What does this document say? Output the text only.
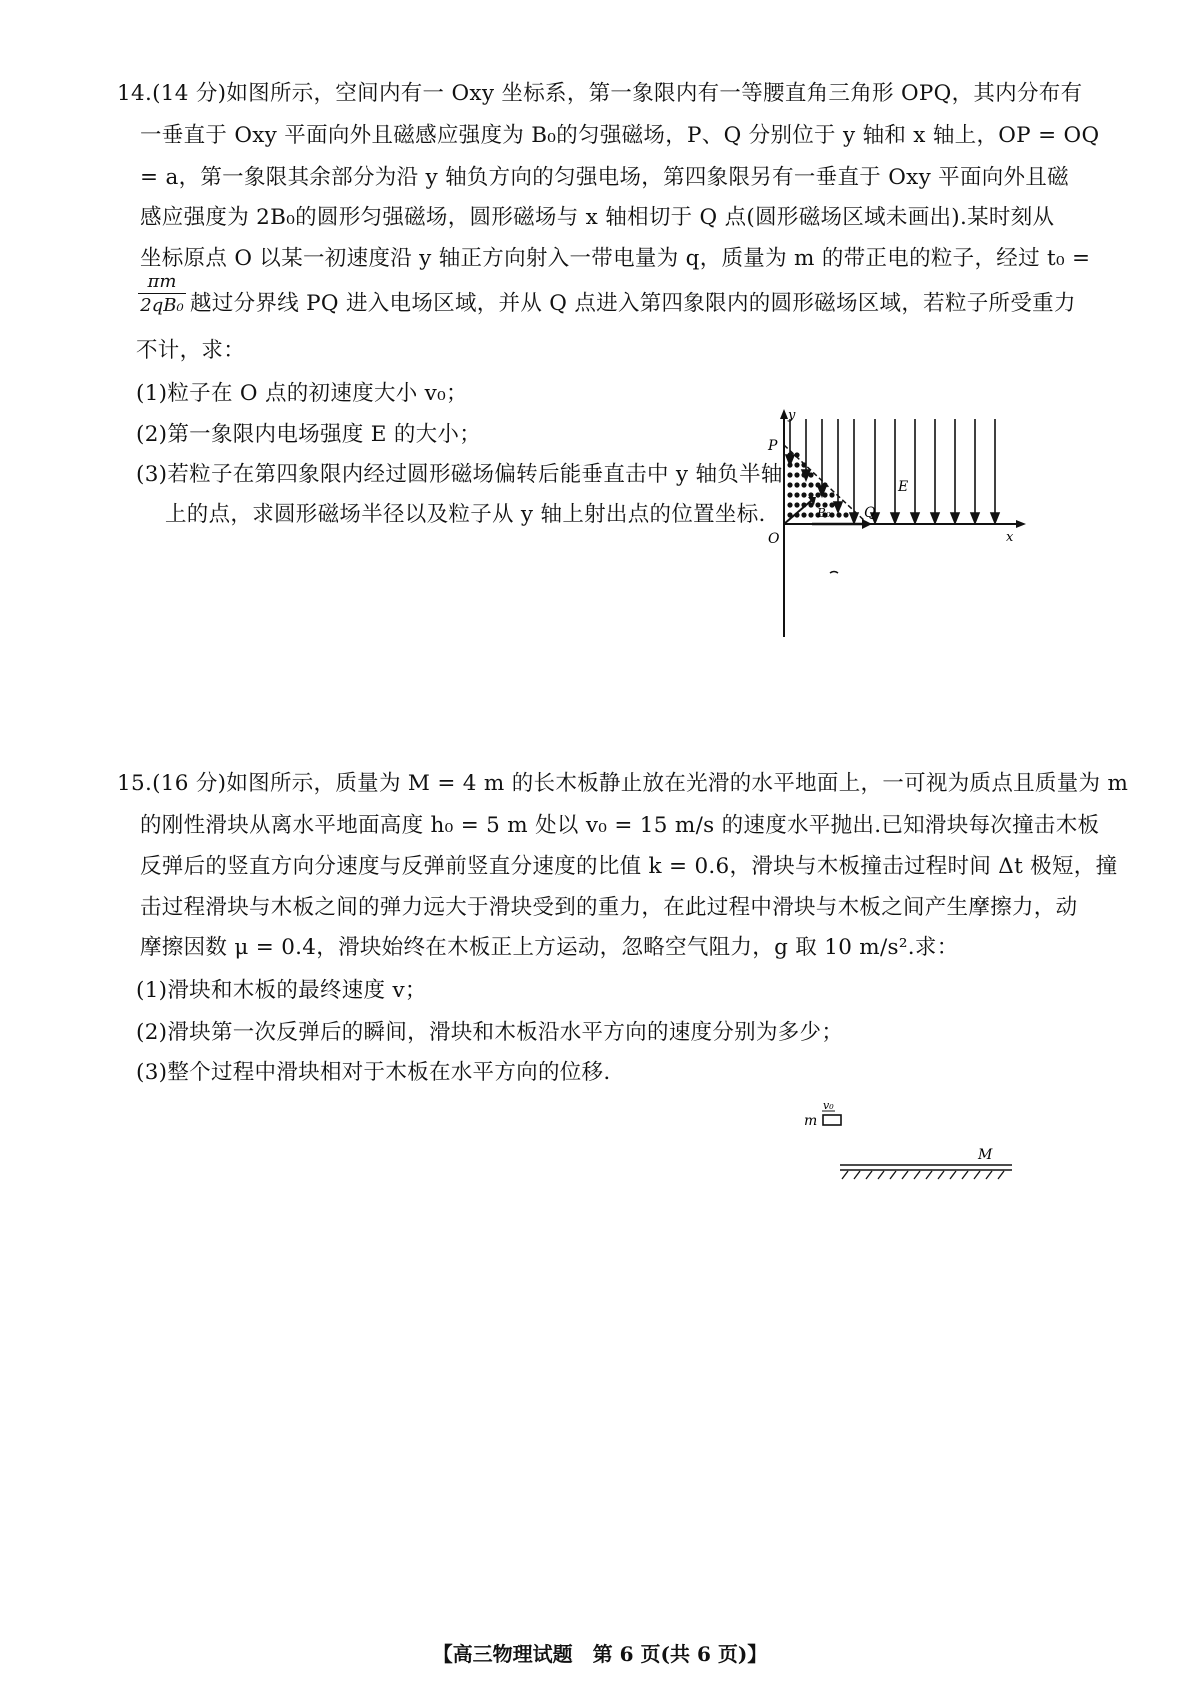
14.(14 分)如图所示，空间内有一 Oxy 坐标系，第一象限内有一等腰直角三角形 OPQ，其内分布有
一垂直于 Oxy 平面向外且磁感应强度为 B₀的匀强磁场，P、Q 分别位于 y 轴和 x 轴上，OP = OQ
= a，第一象限其余部分为沿 y 轴负方向的匀强电场，第四象限另有一垂直于 Oxy 平面向外且磁
感应强度为 2B₀的圆形匀强磁场，圆形磁场与 x 轴相切于 Q 点(圆形磁场区域未画出).某时刻从
坐标原点 O 以某一初速度沿 y 轴正方向射入一带电量为 q，质量为 m 的带正电的粒子，经过 t₀ =
$\frac{\pi m}{\text{2qB₀}}$ 越过分界线 PQ 进入电场区域，并从 Q 点进入第四象限内的圆形磁场区域，若粒子所受重力
不计，求：
(1)粒子在 O 点的初速度大小 v₀；
(2)第一象限内电场强度 E 的大小；
(3)若粒子在第四象限内经过圆形磁场偏转后能垂直击中 y 轴负半轴
上的点，求圆形磁场半径以及粒子从 y 轴上射出点的位置坐标.
y
x
O
P
Q
E
B₀
15.(16 分)如图所示，质量为 M = 4 m 的长木板静止放在光滑的水平地面上，一可视为质点且质量为 m
的刚性滑块从离水平地面高度 h₀ = 5 m 处以 v₀ = 15 m/s 的速度水平抛出.已知滑块每次撞击木板
反弹后的竖直方向分速度与反弹前竖直分速度的比值 k = 0.6，滑块与木板撞击过程时间 Δt 极短，撞
击过程滑块与木板之间的弹力远大于滑块受到的重力，在此过程中滑块与木板之间产生摩擦力，动
摩擦因数 μ = 0.4，滑块始终在木板正上方运动，忽略空气阻力，g 取 10 m/s².求：
(1)滑块和木板的最终速度 v；
(2)滑块第一次反弹后的瞬间，滑块和木板沿水平方向的速度分别为多少；
(3)整个过程中滑块相对于木板在水平方向的位移.
v₀
m
M
【高三物理试题　第 6 页(共 6 页)】
